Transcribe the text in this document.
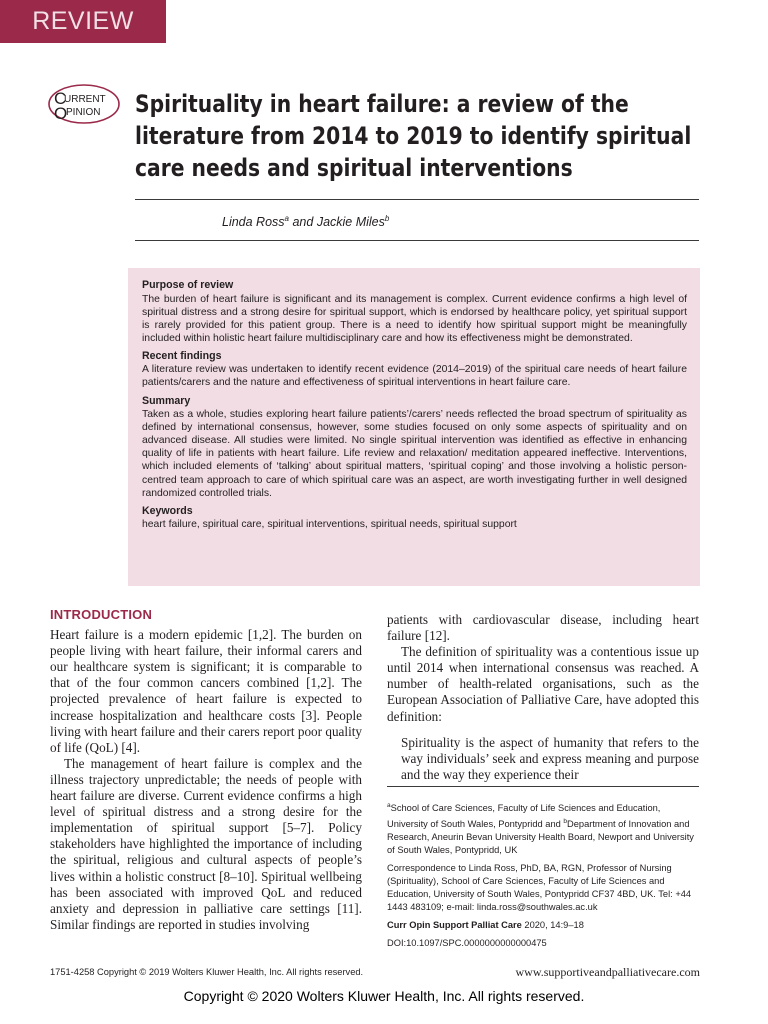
REVIEW
C
URRENT
O
PINION Spirituality in heart failure: a review of the literature from 2014 to 2019 to identify spiritual care needs and spiritual interventions

Linda Ross$^a$ and Jackie Miles$^b$

Purpose of review

The burden of heart failure is significant and its management is complex. Current evidence confirms a high level of spiritual distress and a strong desire for spiritual support, which is endorsed by healthcare policy, yet spiritual support is rarely provided for this patient group. There is a need to identify how spiritual support might be meaningfully included within holistic heart failure multidisciplinary care and how its effectiveness might be demonstrated.

Recent findings

A literature review was undertaken to identify recent evidence (2014–2019) of the spiritual care needs of heart failure patients/carers and the nature and effectiveness of spiritual interventions in heart failure care.

Summary

Taken as a whole, studies exploring heart failure patients’/carers’ needs reflected the broad spectrum of spirituality as defined by international consensus, however, some studies focused on only some aspects of spirituality and on advanced disease. All studies were limited. No single spiritual intervention was identified as effective in enhancing quality of life in patients with heart failure. Life review and relaxation/ meditation appeared ineffective. Interventions, which included elements of ‘talking’ about spiritual matters, ‘spiritual coping’ and those involving a holistic person-centred team approach to care of which spiritual care was an aspect, are worth investigating further in well designed randomized controlled trials.

Keywords

heart failure, spiritual care, spiritual interventions, spiritual needs, spiritual support

INTRODUCTION

Heart failure is a modern epidemic [1,2]. The burden on people living with heart failure, their informal carers and our healthcare system is significant; it is comparable to that of the four common cancers combined [1,2]. The projected prevalence of heart failure is expected to increase hospitalization and healthcare costs [3]. People living with heart failure and their carers report poor quality of life (QoL) [4].

The management of heart failure is complex and the illness trajectory unpredictable; the needs of people with heart failure are diverse. Current evidence confirms a high level of spiritual distress and a strong desire for the implementation of spiritual support [5–7]. Policy stakeholders have highlighted the importance of including the spiritual, religious and cultural aspects of people’s lives within a holistic construct [8–10]. Spiritual wellbeing has been associated with improved QoL and reduced anxiety and depression in palliative care settings [11]. Similar findings are reported in studies involving

patients with cardiovascular disease, including heart failure [12].

The definition of spirituality was a contentious issue up until 2014 when international consensus was reached. A number of health-related organisations, such as the European Association of Palliative Care, have adopted this definition:

Spirituality is the aspect of humanity that refers to the way individuals’ seek and express meaning and purpose and the way they experience their

$^a$School of Care Sciences, Faculty of Life Sciences and Education, University of South Wales, Pontypridd and $^b$Department of Innovation and Research, Aneurin Bevan University Health Board, Newport and University of South Wales, Pontypridd, UK

Correspondence to Linda Ross, PhD, BA, RGN, Professor of Nursing (Spirituality), School of Care Sciences, Faculty of Life Sciences and Education, University of South Wales, Pontypridd CF37 4BD, UK. Tel: +44 1443 483109; e-mail: linda.ross@southwales.ac.uk

Curr Opin Support Palliat Care 2020, 14:9–18

DOI:10.1097/SPC.0000000000000475

1751-4258 Copyright © 2019 Wolters Kluwer Health, Inc. All rights reserved.	www.supportiveandpalliativecare.com
Copyright © 2020 Wolters Kluwer Health, Inc. All rights reserved.
